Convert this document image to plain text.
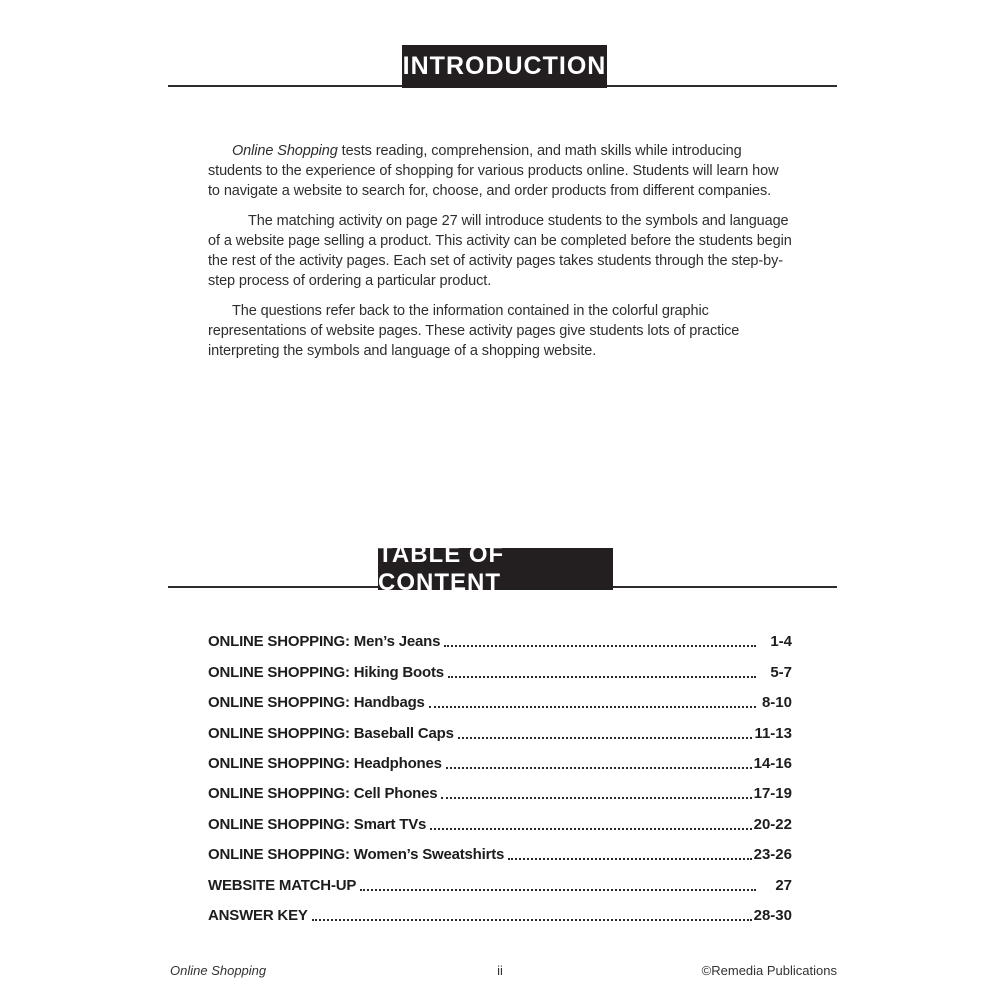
INTRODUCTION

Online Shopping tests reading, comprehension, and math skills while introducing students to the experience of shopping for various products online. Students will learn how to navigate a website to search for, choose, and order products from different companies.

The matching activity on page 27 will introduce students to the symbols and language of a website page selling a product. This activity can be completed before the students begin the rest of the activity pages. Each set of activity pages takes students through the step-by-step process of ordering a particular product.

The questions refer back to the information contained in the colorful graphic representations of website pages. These activity pages give students lots of practice interpreting the symbols and language of a shopping website.

TABLE OF CONTENT
ONLINE SHOPPING: Men’s Jeans	1-4
ONLINE SHOPPING: Hiking Boots	5-7
ONLINE SHOPPING: Handbags	8-10
ONLINE SHOPPING: Baseball Caps	11-13
ONLINE SHOPPING: Headphones	14-16
ONLINE SHOPPING: Cell Phones	17-19
ONLINE SHOPPING: Smart TVs	20-22
ONLINE SHOPPING: Women’s Sweatshirts	23-26
WEBSITE MATCH-UP	27
ANSWER KEY	28-30
Online Shopping	ii	©Remedia Publications
